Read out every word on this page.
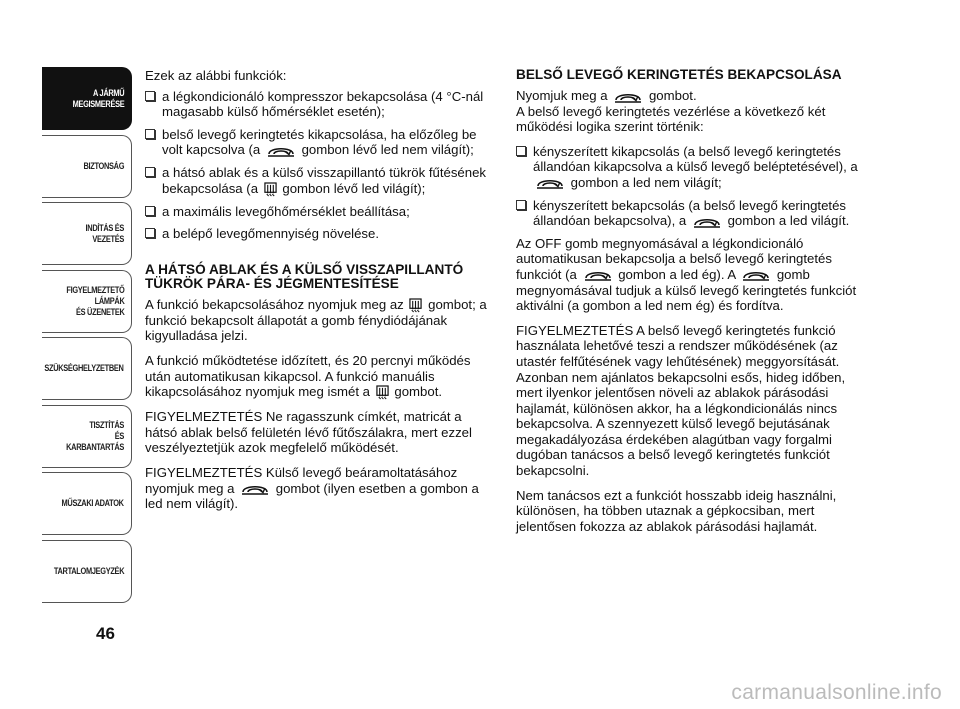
A JÁRMŰ
MEGISMERÉSE
BIZTONSÁG
INDÍTÁS ÉS VEZETÉS
FIGYELMEZTETŐ
LÁMPÁK
ÉS ÜZENETEK
SZÜKSÉGHELYZETBEN
TISZTÍTÁS
ÉS KARBANTARTÁS
MŰSZAKI ADATOK
TARTALOMJEGYZÉK
46

Ezek az alábbi funkciók:

a légkondicionáló kompresszor bekapcsolása (4 °C-nál magasabb külső hőmérséklet esetén);
belső levegő keringtetés kikapcsolása, ha előzőleg be volt kapcsolva (a	gombon lévő led nem világít);
a hátsó ablak és a külső visszapillantó tükrök fűtésének bekapcsolása (a gombon lévő led világít);
a maximális levegőhőmérséklet beállítása;
a belépő levegőmennyiség növelése.
A HÁTSÓ ABLAK ÉS A KÜLSŐ VISSZAPILLANTÓ TÜKRÖK PÁRA- ÉS JÉGMENTESÍTÉSE

A funkció bekapcsolásához nyomjuk meg az gombot; a funkció bekapcsolt állapotát a gomb fénydiódájának kigyulladása jelzi.

A funkció működtetése időzített, és 20 percnyi működés után automatikusan kikapcsol. A funkció manuális kikapcsolásához nyomjuk meg ismét a gombot.

FIGYELMEZTETÉS Ne ragasszunk címkét, matricát a hátsó ablak belső felületén lévő fűtőszálakra, mert ezzel veszélyeztetjük azok megfelelő működését.

FIGYELMEZTETÉS Külső levegő beáramoltatásához nyomjuk meg a	gombot (ilyen esetben a gombon a led nem világít).

BELSŐ LEVEGŐ KERINGTETÉS BEKAPCSOLÁSA

Nyomjuk meg a	gombot.
A belső levegő keringtetés vezérlése a következő két működési logika szerint történik:

kényszerített kikapcsolás (a belső levegő keringtetés állandóan kikapcsolva a külső levegő beléptetésével), a  gombon a led nem világít;
kényszerített bekapcsolás (a belső levegő keringtetés állandóan bekapcsolva), a	gombon a led világít.

Az OFF gomb megnyomásával a légkondicionáló automatikusan bekapcsolja a belső levegő keringtetés funkciót (a	gombon a led ég). A	gomb megnyomásával tudjuk a külső levegő keringtetés funkciót aktiválni (a gombon a led nem ég) és fordítva.

FIGYELMEZTETÉS A belső levegő keringtetés funkció használata lehetővé teszi a rendszer működésének (az utastér felfűtésének vagy lehűtésének) meggyorsítását. Azonban nem ajánlatos bekapcsolni esős, hideg időben, mert ilyenkor jelentősen növeli az ablakok párásodási hajlamát, különösen akkor, ha a légkondicionálás nincs bekapcsolva. A szennyezett külső levegő bejutásának megakadályozása érdekében alagútban vagy forgalmi dugóban tanácsos a belső levegő keringtetés funkciót bekapcsolni.

Nem tanácsos ezt a funkciót hosszabb ideig használni, különösen, ha többen utaznak a gépkocsiban, mert jelentősen fokozza az ablakok párásodási hajlamát.

carmanualsonline.info
